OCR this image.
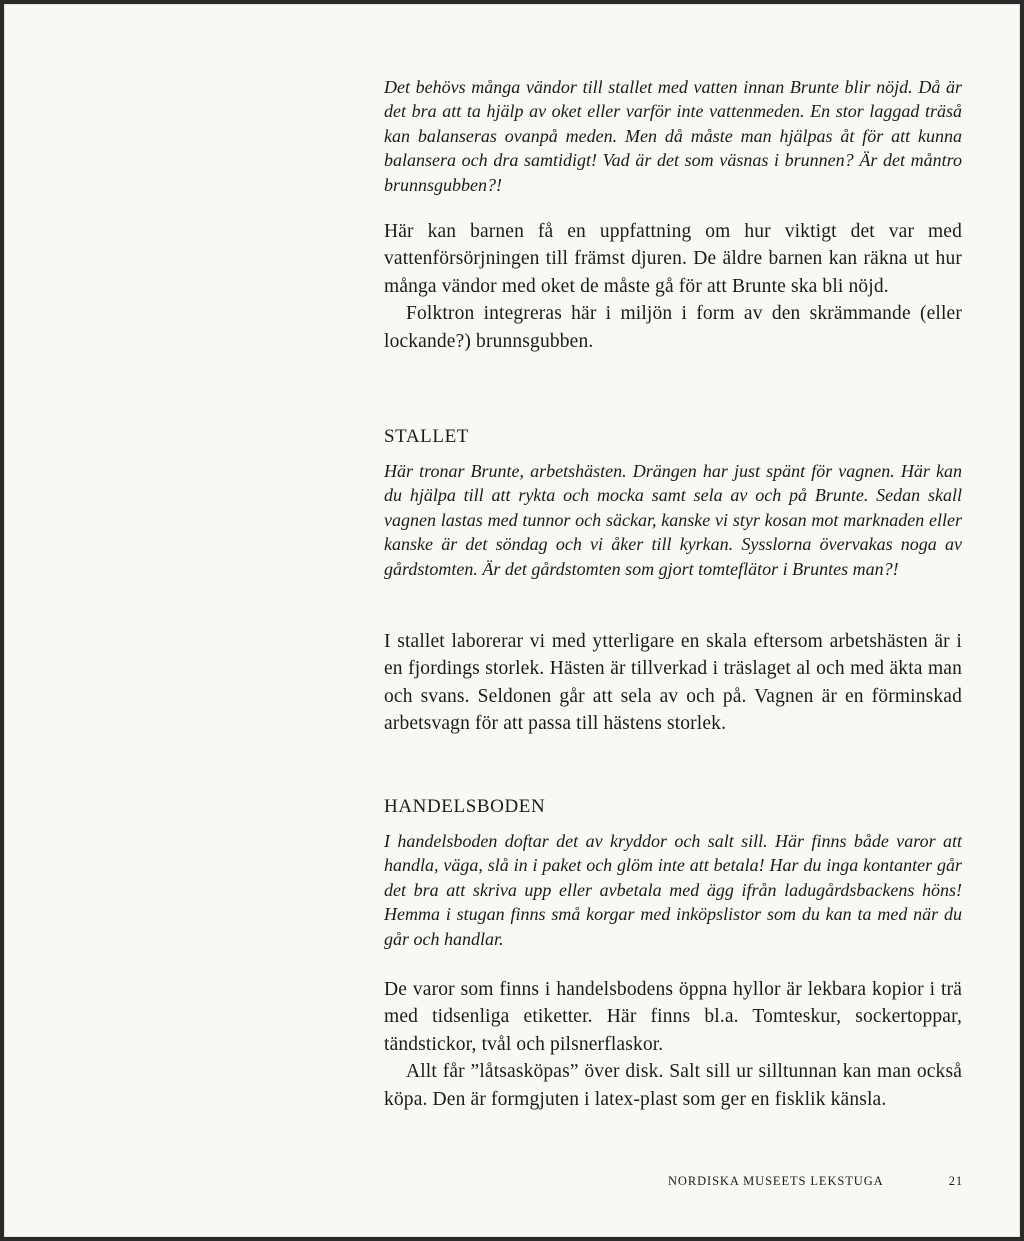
Det behövs många vändor till stallet med vatten innan Brunte blir nöjd. Då är det bra att ta hjälp av oket eller varför inte vattenmeden. En stor laggad träså kan balanseras ovanpå meden. Men då måste man hjälpas åt för att kunna balansera och dra samtidigt! Vad är det som väsnas i brunnen? Är det måntro brunnsgubben?!

Här kan barnen få en uppfattning om hur viktigt det var med vattenförsörjningen till främst djuren. De äldre barnen kan räkna ut hur många vändor med oket de måste gå för att Brunte ska bli nöjd.

Folktron integreras här i miljön i form av den skrämmande (eller lockande?) brunnsgubben.

STALLET

Här tronar Brunte, arbetshästen. Drängen har just spänt för vagnen. Här kan du hjälpa till att rykta och mocka samt sela av och på Brunte. Sedan skall vagnen lastas med tunnor och säckar, kanske vi styr kosan mot marknaden eller kanske är det söndag och vi åker till kyrkan. Sysslorna övervakas noga av gårdstomten. Är det gårdstomten som gjort tomteflätor i Bruntes man?!

I stallet laborerar vi med ytterligare en skala eftersom arbetshästen är i en fjordings storlek. Hästen är tillverkad i träslaget al och med äkta man och svans. Seldonen går att sela av och på. Vagnen är en förminskad arbetsvagn för att passa till hästens storlek.

HANDELSBODEN

I handelsboden doftar det av kryddor och salt sill. Här finns både varor att handla, väga, slå in i paket och glöm inte att betala! Har du inga kontanter går det bra att skriva upp eller avbetala med ägg ifrån ladugårdsbackens höns! Hemma i stugan finns små korgar med inköpslistor som du kan ta med när du går och handlar.

De varor som finns i handelsbodens öppna hyllor är lekbara kopior i trä med tidsenliga etiketter. Här finns bl.a. Tomteskur, sockertoppar, tändstickor, tvål och pilsnerflaskor.

Allt får ”låtsasköpas” över disk. Salt sill ur silltunnan kan man också köpa. Den är formgjuten i latex-plast som ger en fisklik känsla.

NORDISKA MUSEETS LEKSTUGA	21
